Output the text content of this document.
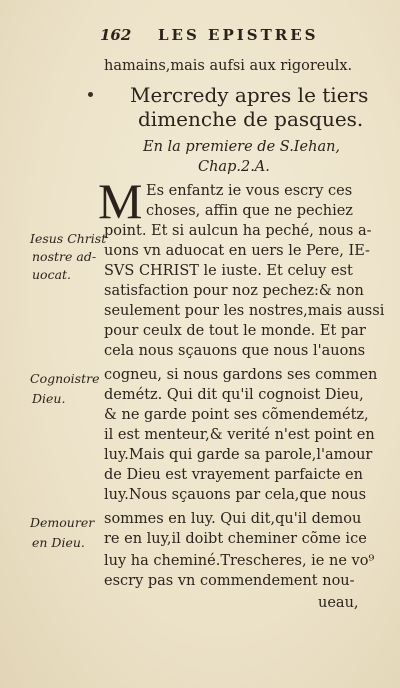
162 LES EPISTRES
hamains,mais aufsi aux rigoreulx.
Mercredy apres le tiers
dimenche de pasques.
En la premiere de S.Iehan,
Chap.2.A.
M Es enfantz ie vous escry ces
choses, affin que ne pechiez
point. Et si aulcun ha peché, nous a-
uons vn aduocat en uers le Pere, IE-
SVS CHRIST le iuste. Et celuy est
satisfaction pour noz pechez:& non
seulement pour les nostres,mais aussi
pour ceulx de tout le monde. Et par
cela nous sçauons que nous l'auons
cogneu, si nous gardons ses commen
demétz. Qui dit qu'il cognoist Dieu,
& ne garde point ses cõmendemétz,
il est menteur,& verité n'est point en
luy.Mais qui garde sa parole,l'amour
de Dieu est vrayement parfaicte en
luy.Nous sçauons par cela,que nous
sommes en luy. Qui dit,qu'il demou
re en luy,il doibt cheminer cõme ice
luy ha cheminé.Trescheres, ie ne vo⁹
escry pas vn commendement nou-
ueau,
Iesus Christ
nostre ad-
uocat.
Cognoistre
Dieu.
Demourer
en Dieu.
